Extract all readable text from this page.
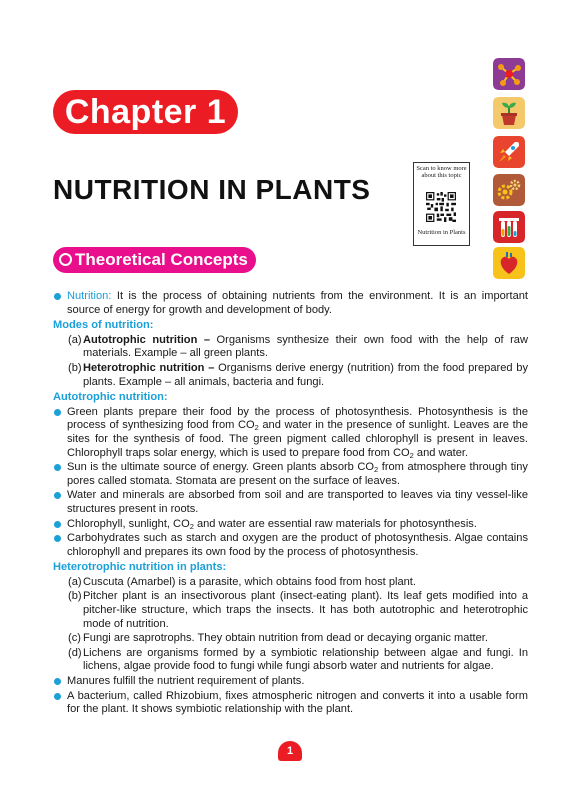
Chapter 1
NUTRITION IN PLANTS
Scan to know more about this topic
Nutrition in Plants
Theoretical Concepts
Nutrition: It is the process of obtaining nutrients from the environment. It is an important source of energy for growth and development of body.
Modes of nutrition:
(a) Autotrophic nutrition – Organisms synthesize their own food with the help of raw materials. Example – all green plants.
(b) Heterotrophic nutrition – Organisms derive energy (nutrition) from the food prepared by plants. Example – all animals, bacteria and fungi.
Autotrophic nutrition:
Green plants prepare their food by the process of photosynthesis. Photosynthesis is the process of synthesizing food from $CO_2$ and water in the presence of sunlight. Leaves are the sites for the synthesis of food. The green pigment called chlorophyll is present in leaves. Chlorophyll traps solar energy, which is used to prepare food from $CO_2$ and water.
Sun is the ultimate source of energy. Green plants absorb $CO_2$ from atmosphere through tiny pores called stomata. Stomata are present on the surface of leaves.
Water and minerals are absorbed from soil and are transported to leaves via tiny vessel-like structures present in roots.
Chlorophyll, sunlight, $CO_2$ and water are essential raw materials for photosynthesis.
Carbohydrates such as starch and oxygen are the product of photosynthesis. Algae contains chlorophyll and prepares its own food by the process of photosynthesis.
Heterotrophic nutrition in plants:
(a) Cuscuta (Amarbel) is a parasite, which obtains food from host plant.
(b) Pitcher plant is an insectivorous plant (insect-eating plant). Its leaf gets modified into a pitcher-like structure, which traps the insects. It has both autotrophic and heterotrophic mode of nutrition.
(c) Fungi are saprotrophs. They obtain nutrition from dead or decaying organic matter.
(d) Lichens are organisms formed by a symbiotic relationship between algae and fungi. In lichens, algae provide food to fungi while fungi absorb water and nutrients for algae.
Manures fulfill the nutrient requirement of plants.
A bacterium, called Rhizobium, fixes atmospheric nitrogen and converts it into a usable form for the plant. It shows symbiotic relationship with the plant.
1
